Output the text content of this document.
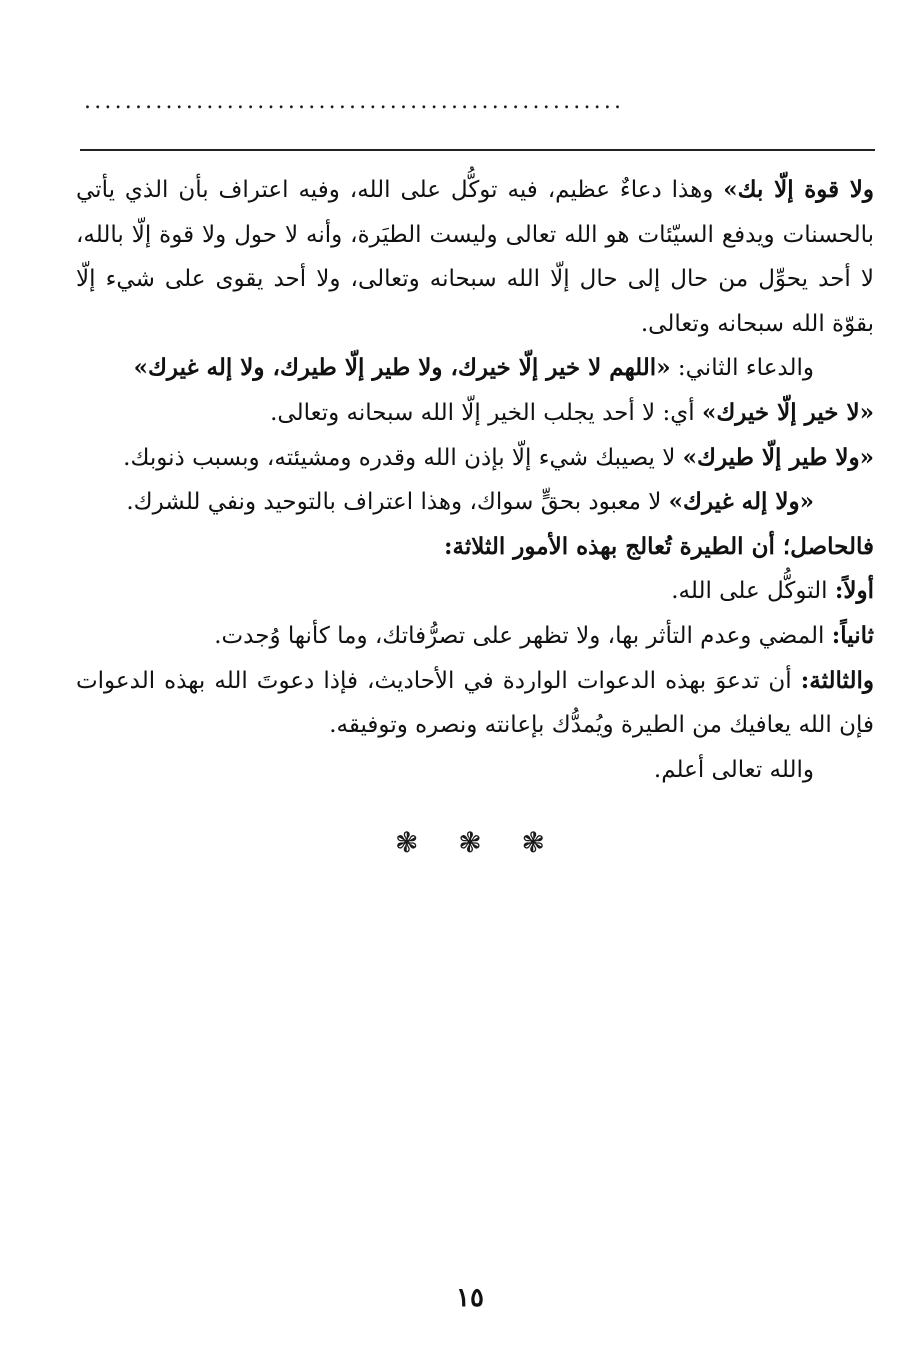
.....................................................

ولا قوة إلّا بك» وهذا دعاءٌ عظيم، فيه توكُّل على الله، وفيه اعتراف بأن الذي يأتي بالحسنات ويدفع السيّئات هو الله تعالى وليست الطيَرة، وأنه لا حول ولا قوة إلّا بالله، لا أحد يحوِّل من حال إلى حال إلّا الله سبحانه وتعالى، ولا أحد يقوى على شيء إلّا بقوّة الله سبحانه وتعالى.

والدعاء الثاني: «اللهم لا خير إلّا خيرك، ولا طير إلّا طيرك، ولا إله غيرك»

«لا خير إلّا خيرك» أي: لا أحد يجلب الخير إلّا الله سبحانه وتعالى.

«ولا طير إلّا طيرك» لا يصيبك شيء إلّا بإذن الله وقدره ومشيئته، وبسبب ذنوبك.

«ولا إله غيرك» لا معبود بحقٍّ سواك، وهذا اعتراف بالتوحيد ونفي للشرك.

فالحاصل؛ أن الطيرة تُعالج بهذه الأمور الثلاثة:

أولاً: التوكُّل على الله.

ثانياً: المضي وعدم التأثر بها، ولا تظهر على تصرُّفاتك، وما كأنها وُجدت.

والثالثة: أن تدعوَ بهذه الدعوات الواردة في الأحاديث، فإذا دعوتَ الله بهذه الدعوات فإن الله يعافيك من الطيرة ويُمدُّك بإعانته ونصره وتوفيقه.

والله تعالى أعلم.

❃ ❃ ❃
١٥
